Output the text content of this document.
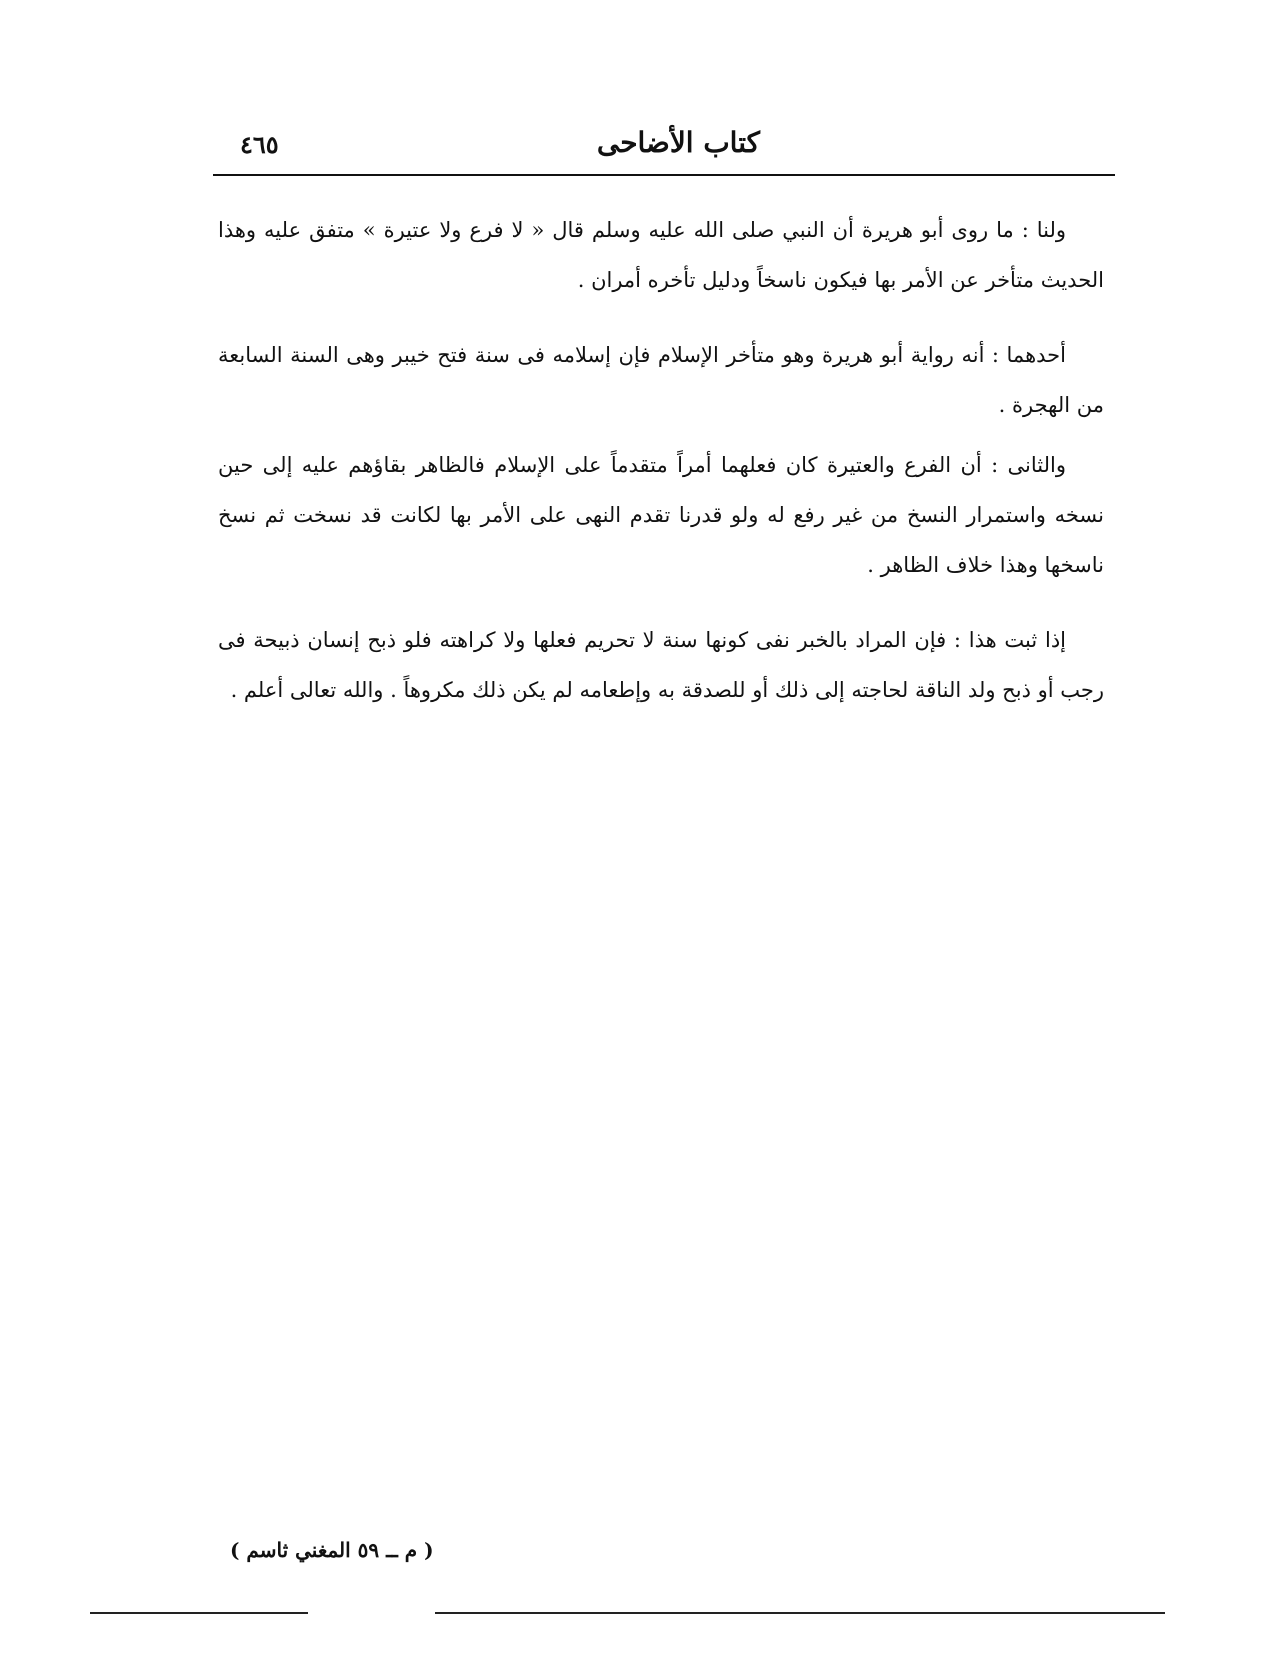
كتاب الأضاحى
٤٦٥

ولنا : ما روى أبو هريرة أن النبي صلى الله عليه وسلم قال « لا فرع ولا عتيرة » متفق عليه وهذا الحديث متأخر عن الأمر بها فيكون ناسخاً ودليل تأخره أمران .

أحدهما : أنه رواية أبو هريرة وهو متأخر الإسلام فإن إسلامه فى سنة فتح خيبر وهى السنة السابعة من الهجرة .

والثانى : أن الفرع والعتيرة كان فعلهما أمراً متقدماً على الإسلام فالظاهر بقاؤهم عليه إلى حين نسخه واستمرار النسخ من غير رفع له ولو قدرنا تقدم النهى على الأمر بها لكانت قد نسخت ثم نسخ ناسخها وهذا خلاف الظاهر .

إذا ثبت هذا : فإن المراد بالخبر نفى كونها سنة لا تحريم فعلها ولا كراهته فلو ذبح إنسان ذبيحة فى رجب أو ذبح ولد الناقة لحاجته إلى ذلك أو للصدقة به وإطعامه لم يكن ذلك مكروهاً . والله تعالى أعلم .

( م ــ ٥٩ المغني ثاسم )
